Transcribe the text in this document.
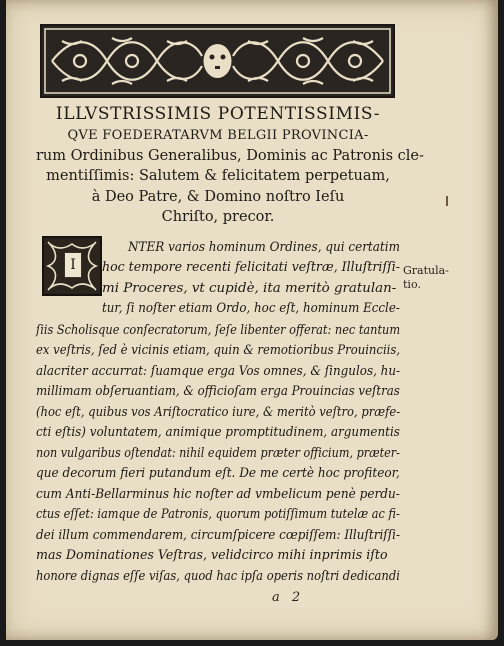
ILLVSTRISSIMIS POTENTISSIMIS-

QVE FOEDERATARVM BELGII PROVINCIA-

rum Ordinibus Generalibus, Dominis ac Patronis cle-

mentiſſimis: Salutem & felicitatem perpetuam,

à Deo Patre, & Domino noſtro Ieſu

Chriſto, precor.

I

NTER varios hominum Ordines, qui certatim

hoc tempore recenti felicitati veſtræ, Illuſtriſſi-

mi Proceres, vt cupidè, ita meritò gratulan-

tur, ſi noſter etiam Ordo, hoc eſt, hominum Eccle-

ſiis Scholisque conſecratorum, ſeſe libenter offerat: nec tantum

ex veſtris, ſed è vicinis etiam, quin & remotioribus Prouinciis,

alacriter accurrat: ſuamque erga Vos omnes, & ſingulos, hu-

millimam obſeruantiam, & officioſam erga Prouincias veſtras

(hoc eſt, quibus vos Ariſtocratico iure, & meritò veſtro, præfe-

cti eſtis) voluntatem, animique promptitudinem, argumentis

non vulgaribus oſtendat: nihil equidem præter officium, præter-

que decorum fieri putandum eſt. De me certè hoc profiteor,

cum Anti-Bellarminus hic noſter ad vmbelicum penè perdu-

ctus eſſet: iamque de Patronis, quorum potiſſimum tutelæ ac fi-

dei illum commendarem, circumſpicere cœpiſſem: Illuſtriſſi-

mas Dominationes Veſtras, velidcirco mihi inprimis iſto

honore dignas eſſe viſas, quod hac ipſa operis noſtri dedicandi

Gratula-

tio.

a 2
